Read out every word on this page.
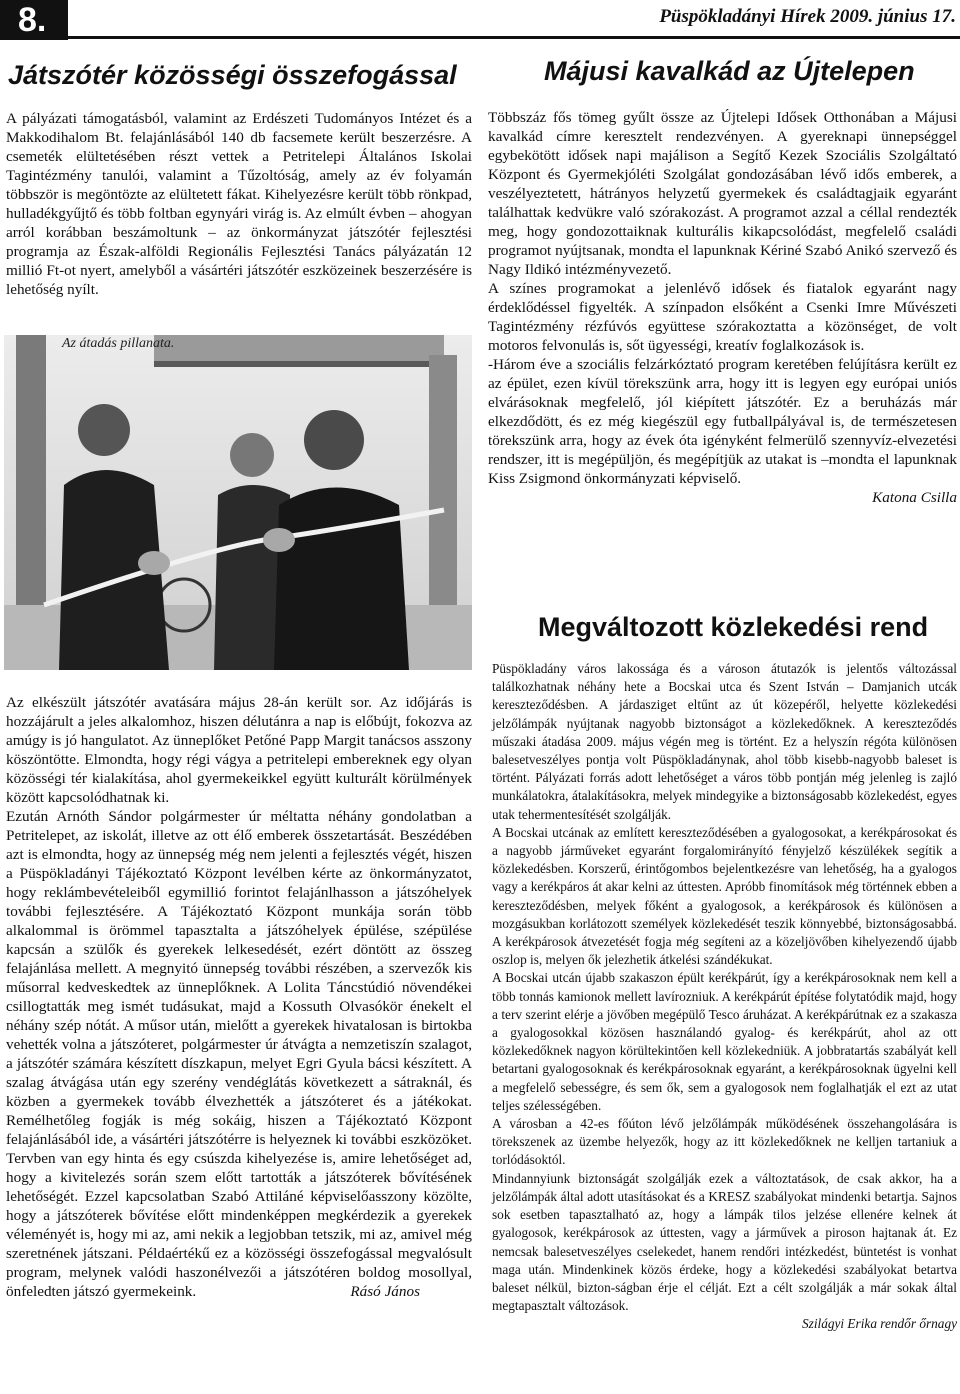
8.	Püspökladányi Hírek 2009. június 17.
Játszótér közösségi összefogással

A pályázati támogatásból, valamint az Erdészeti Tudományos Intézet és a Makkodihalom Bt. felajánlásából 140 db facsemete került beszerzésre. A csemeték elültetésében részt vettek a Petritelepi Általános Iskolai Tagintézmény tanulói, valamint a Tűzoltóság, amely az év folyamán többször is megöntözte az elültetett fákat. Kihelyezésre került több rönkpad, hulladékgyűjtő és több foltban egynyári virág is. Az elmúlt évben – ahogyan arról korábban beszámoltunk – az önkormányzat játszótér fejlesztési programja az Észak-alföldi Regionális Fejlesztési Tanács pályázatán 12 millió Ft-ot nyert, amelyből a vásártéri játszótér eszközeinek beszerzésére is lehetőség nyílt.

Az átadás pillanata.

Az elkészült játszótér avatására május 28-án került sor. Az időjárás is hozzájárult a jeles alkalomhoz, hiszen délutánra a nap is előbújt, fokozva az amúgy is jó hangulatot. Az ünneplőket Petőné Papp Margit tanácsos asszony köszöntötte. Elmondta, hogy régi vágya a petritelepi embereknek egy olyan közösségi tér kialakítása, ahol gyermekeikkel együtt kulturált körülmények között kapcsolódhatnak ki.

Ezután Arnóth Sándor polgármester úr méltatta néhány gondolatban a Petritelepet, az iskolát, illetve az ott élő emberek összetartását. Beszédében azt is elmondta, hogy az ünnepség még nem jelenti a fejlesztés végét, hiszen a Püspökladányi Tájékoztató Központ levélben kérte az önkormányzatot, hogy reklámbevételeiből egymillió forintot felajánlhasson a játszóhelyek további fejlesztésére. A Tájékoztató Központ munkája során több alkalommal is örömmel tapasztalta a játszóhelyek épülése, szépülése kapcsán a szülők és gyerekek lelkesedését, ezért döntött az összeg felajánlása mellett. A megnyitó ünnepség további részében, a szervezők kis műsorral kedveskedtek az ünneplőknek. A Lolita Táncstúdió növendékei csillogtatták meg ismét tudásukat, majd a Kossuth Olvasókör énekelt el néhány szép nótát. A műsor után, mielőtt a gyerekek hivatalosan is birtokba vehették volna a játszóteret, polgármester úr átvágta a nemzetiszín szalagot, a játszótér számára készített díszkapun, melyet Egri Gyula bácsi készített. A szalag átvágása után egy szerény vendéglátás következett a sátraknál, és közben a gyermekek tovább élvezhették a játszóteret és a játékokat. Remélhetőleg fogják is még sokáig, hiszen a Tájékoztató Központ felajánlásából ide, a vásártéri játszótérre is helyeznek ki további eszközöket. Tervben van egy hinta és egy csúszda kihelyezése is, amire lehetőséget ad, hogy a kivitelezés során szem előtt tartották a játszóterek bővítésének lehetőségét. Ezzel kapcsolatban Szabó Attiláné képviselőasszony közölte, hogy a játszóterek bővítése előtt mindenképpen megkérdezik a gyerekek véleményét is, hogy mi az, ami nekik a legjobban tetszik, mi az, amivel még szeretnének játszani. Példaértékű ez a közösségi összefogással megvalósult program, melynek valódi haszonélvezői a játszótéren boldog mosollyal, önfeledten játszó gyermekeink.	Rásó János
Májusi kavalkád az Újtelepen

Többszáz fős tömeg gyűlt össze az Újtelepi Idősek Otthonában a Májusi kavalkád címre keresztelt rendezvényen. A gyereknapi ünnepséggel egybekötött idősek napi majálison a Segítő Kezek Szociális Szolgáltató Központ és Gyermekjóléti Szolgálat gondozásában lévő idős emberek, a veszélyeztetett, hátrányos helyzetű gyermekek és családtagjaik egyaránt találhattak kedvükre való szórakozást. A programot azzal a céllal rendezték meg, hogy gondozottaiknak kulturális kikapcsolódást, megfelelő családi programot nyújtsanak, mondta el lapunknak Kériné Szabó Anikó szervező és Nagy Ildikó intézményvezető.

A színes programokat a jelenlévő idősek és fiatalok egyaránt nagy érdeklődéssel figyelték. A színpadon elsőként a Csenki Imre Művészeti Tagintézmény rézfúvós együttese szórakoztatta a közönséget, de volt motoros felvonulás is, sőt ügyességi, kreatív foglalkozások is.

-Három éve a szociális felzárkóztató program keretében felújításra került ez az épület, ezen kívül törekszünk arra, hogy itt is legyen egy európai uniós elvárásoknak megfelelő, jól kiépített játszótér. Ez a beruházás már elkezdődött, és ez még kiegészül egy futballpályával is, de természetesen törekszünk arra, hogy az évek óta igényként felmerülő szennyvíz-elvezetési rendszer, itt is megépüljön, és megépítjük az utakat is –mondta el lapunknak Kiss Zsigmond önkormányzati képviselő.

Katona Csilla

Megváltozott közlekedési rend

Püspökladány város lakossága és a városon átutazók is jelentős változással találkozhatnak néhány hete a Bocskai utca és Szent István – Damjanich utcák kereszteződésben. A járdasziget eltűnt az út közepéről, helyette közlekedési jelzőlámpák nyújtanak nagyobb biztonságot a közlekedőknek. A kereszteződés műszaki átadása 2009. május végén meg is történt. Ez a helyszín régóta különösen balesetveszélyes pontja volt Püspökladánynak, ahol több kisebb-nagyobb baleset is történt. Pályázati forrás adott lehetőséget a város több pontján még jelenleg is zajló munkálatokra, átalakításokra, melyek mindegyike a biztonságosabb közlekedést, egyes utak tehermentesítését szolgálják.

A Bocskai utcának az említett kereszteződésében a gyalogosokat, a kerékpárosokat és a nagyobb járműveket egyaránt forgalomirányító fényjelző készülékek segítik a közlekedésben. Korszerű, érintőgombos bejelentkezésre van lehetőség, ha a gyalogos vagy a kerékpáros át akar kelni az úttesten. Apróbb finomítások még történnek ebben a kereszteződésben, melyek főként a gyalogosok, a kerékpárosok és különösen a mozgásukban korlátozott személyek közlekedését teszik könnyebbé, biztonságosabbá. A kerékpárosok átvezetését fogja még segíteni az a közeljövőben kihelyezendő újabb oszlop is, melyen ők jelezhetik átkelési szándékukat.

A Bocskai utcán újabb szakaszon épült kerékpárút, így a kerékpárosoknak nem kell a több tonnás kamionok mellett lavírozniuk. A kerékpárút építése folytatódik majd, hogy a terv szerint elérje a jövőben megépülő Tesco áruházat. A kerékpárútnak ez a szakasza a gyalogosokkal közösen használandó gyalog- és kerékpárút, ahol az ott közlekedőknek nagyon körültekintően kell közlekedniük. A jobbratartás szabályát kell betartani gyalogosoknak és kerékpárosoknak egyaránt, a kerékpárosoknak ügyelni kell a megfelelő sebességre, és sem ők, sem a gyalogosok nem foglalhatják el ezt az utat teljes szélességében.

A városban a 42-es főúton lévő jelzőlámpák működésének összehangolására is törekszenek az üzembe helyezők, hogy az itt közlekedőknek ne kelljen tartaniuk a torlódásoktól.

Mindannyiunk biztonságát szolgálják ezek a változtatások, de csak akkor, ha a jelzőlámpák által adott utasításokat és a KRESZ szabályokat mindenki betartja. Sajnos sok esetben tapasztalható az, hogy a lámpák tilos jelzése ellenére kelnek át gyalogosok, kerékpárosok az úttesten, vagy a járművek a piroson hajtanak át. Ez nemcsak balesetveszélyes cselekedet, hanem rendőri intézkedést, büntetést is vonhat maga után. Mindenkinek közös érdeke, hogy a közlekedési szabályokat betartva baleset nélkül, bizton-ságban érje el célját. Ezt a célt szolgálják a már sokak által megtapasztalt változások.

Szilágyi Erika rendőr őrnagy
